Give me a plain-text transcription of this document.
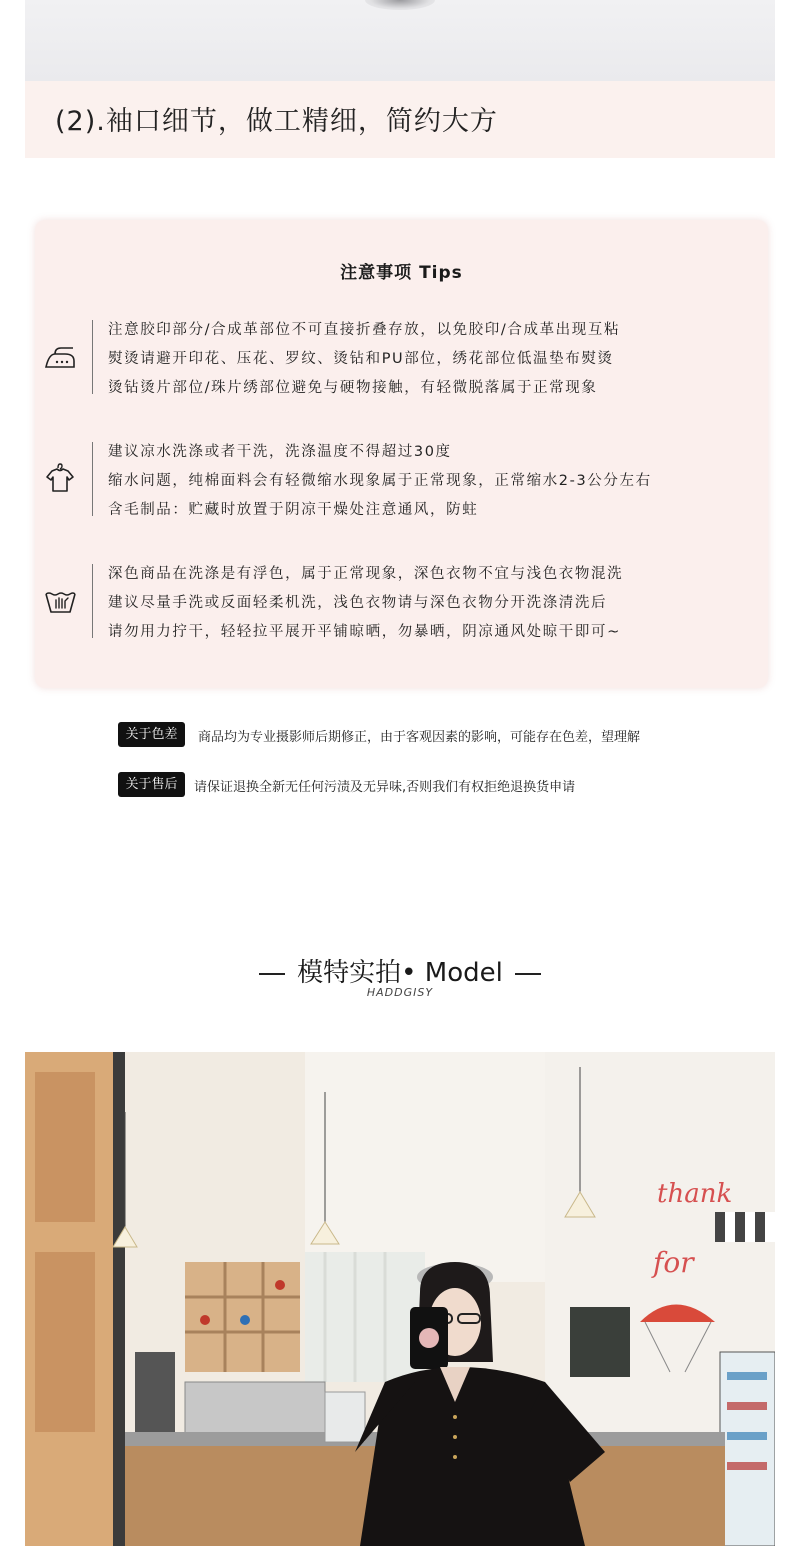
(2).袖口细节，做工精细，简约大方
注意事项 Tips
注意胶印部分/合成革部位不可直接折叠存放，以免胶印/合成革出现互粘
熨烫请避开印花、压花、罗纹、烫钻和PU部位，绣花部位低温垫布熨烫
烫钻烫片部位/珠片绣部位避免与硬物接触，有轻微脱落属于正常现象
建议凉水洗涤或者干洗，洗涤温度不得超过30度
缩水问题，纯棉面料会有轻微缩水现象属于正常现象，正常缩水2-3公分左右
含毛制品：贮藏时放置于阴凉干燥处注意通风，防蛀
深色商品在洗涤是有浮色，属于正常现象，深色衣物不宜与浅色衣物混洗
建议尽量手洗或反面轻柔机洗，浅色衣物请与深色衣物分开洗涤清洗后
请勿用力拧干，轻轻拉平展开平铺晾晒，勿暴晒，阴凉通风处晾干即可~
关于色差	商品均为专业摄影师后期修正，由于客观因素的影响，可能存在色差，望理解
关于售后	请保证退换全新无任何污渍及无异味,否则我们有权拒绝退换货申请
模特实拍• Model
HADDGISY
thank
for
